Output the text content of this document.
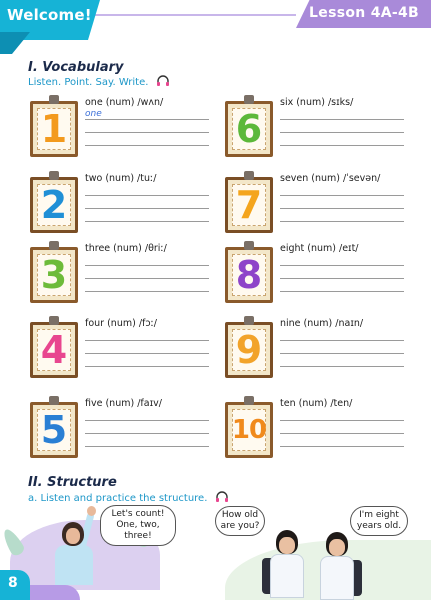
Welcome!	Lesson 4A-4B
I. Vocabulary
Listen. Point. Say. Write.
1
one (num) /wʌn/
one
2
two (num) /tuː/
3
three (num) /θriː/
4
four (num) /fɔː/
5
five (num) /faɪv/
6
six (num) /sɪks/
7
seven (num) /ˈsevən/
8
eight (num) /eɪt/
9
nine (num) /naɪn/
10
ten (num) /ten/
II. Structure
a. Listen and practice the structure.
Let's count!
One, two, three!
How old
are you?
I'm eight
years old.
8
